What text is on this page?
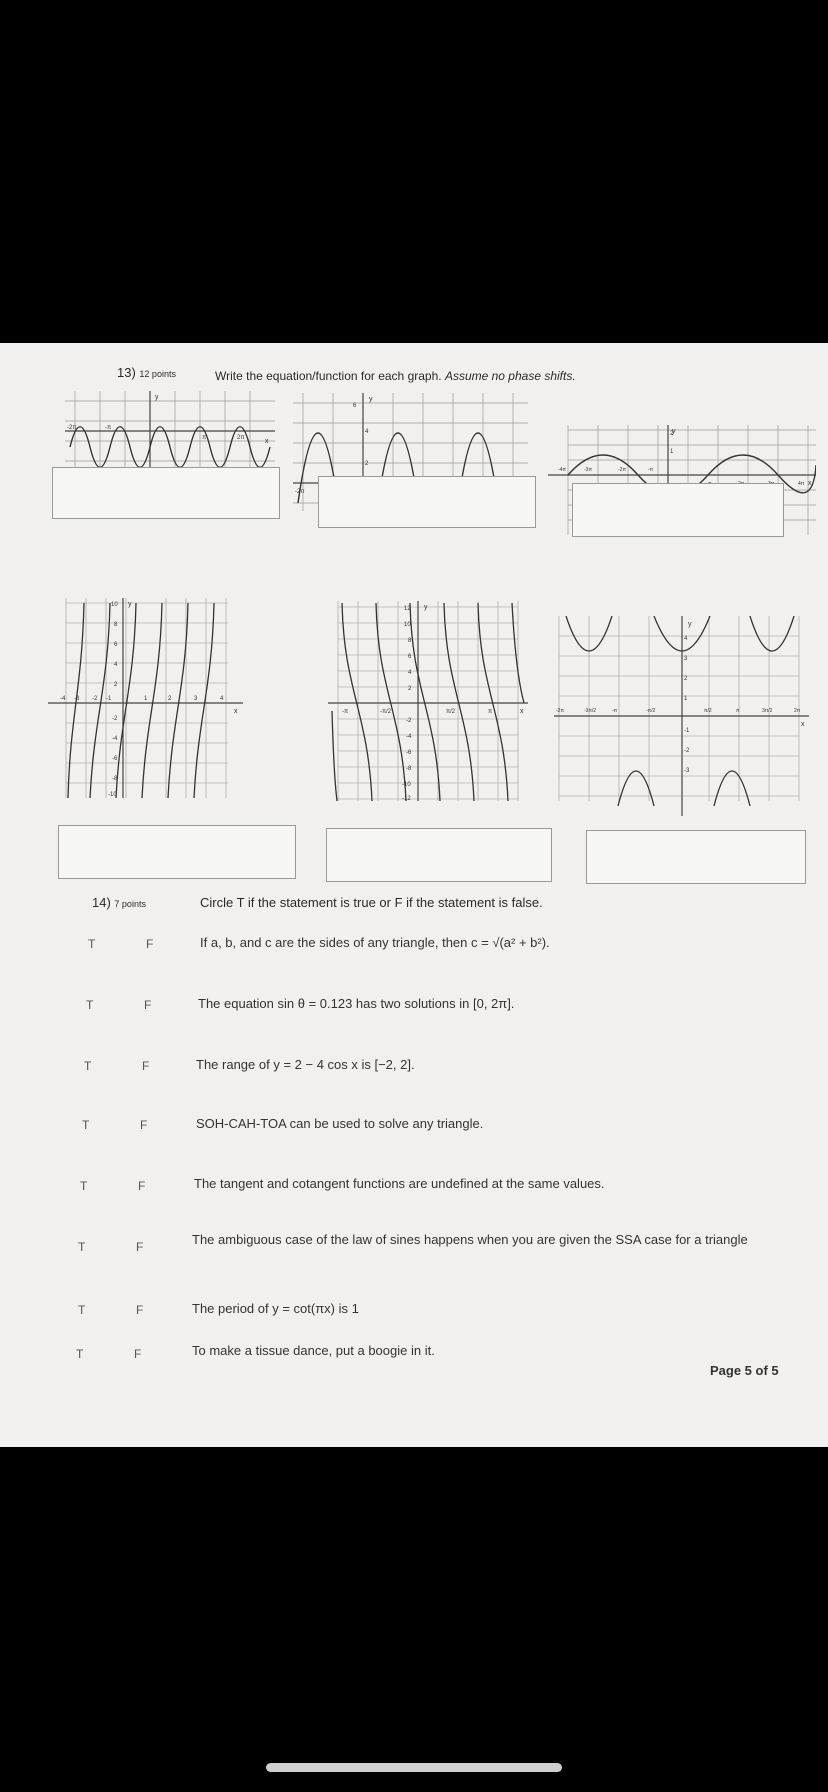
13) 12 points	Write the equation/function for each graph. Assume no phase shifts.
y
x
-2π	-π
π	2π
y
6
4
2
-2π
y
x
2
1
-4π	-3π	-2π	-π
4π
y
x
10
8
6
4
2
-2
-4
-6
-8
-10
-4 -3 -2 -1	1	2	3	4
y
x
12
10
8
6
4
2
-2
-4
-6
-8
-10
-12
-π	-π/2	π/2	π
y
x
4
3
2
1
-1
-2
-3
-2π	-3π/2	-π	-π/2	π/2	π	3π/2	2π
14) 7 points	Circle T if the statement is true or F if the statement is false.
T	F	If a, b, and c are the sides of any triangle, then c = √(a² + b²).
T	F	The equation sin θ = 0.123 has two solutions in [0, 2π].
T	F	The range of y = 2 − 4 cos x is [−2, 2].
T	F	SOH-CAH-TOA can be used to solve any triangle.
T	F	The tangent and cotangent functions are undefined at the same values.
T	F	The ambiguous case of the law of sines happens when you are given the SSA case for a triangle
T	F	The period of y = cot(πx) is 1
T	F	To make a tissue dance, put a boogie in it.
Page 5 of 5
